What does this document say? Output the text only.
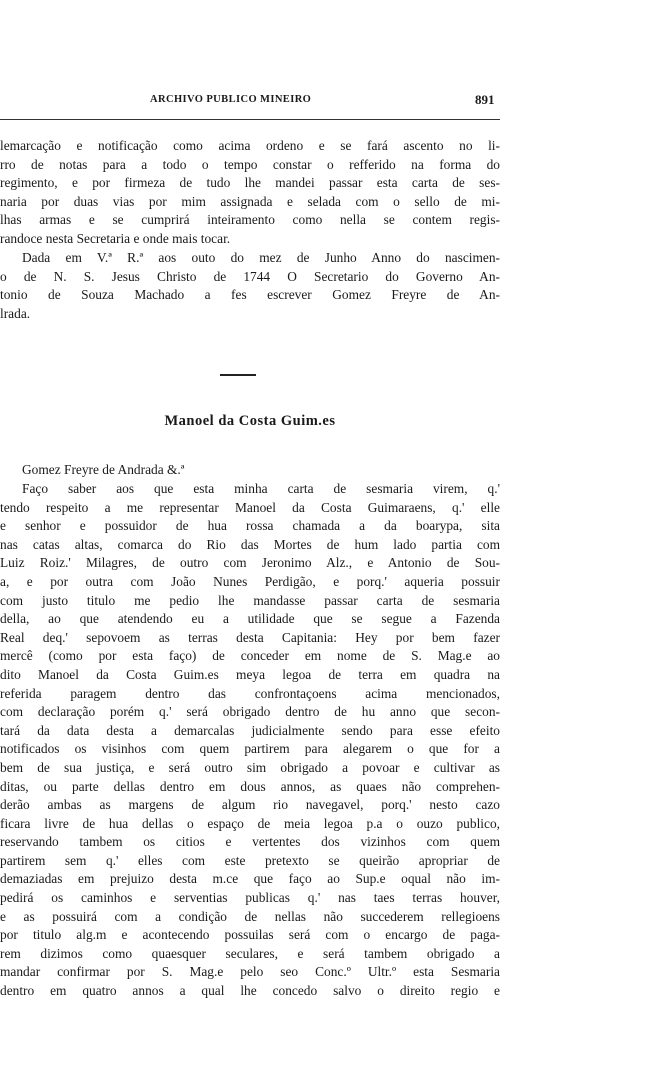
ARCHIVO PUBLICO MINEIRO	891
lemarcação e notificação como acima ordeno e se fará ascento no li-
rro de notas para a todo o tempo constar o refferido na forma do
regimento, e por firmeza de tudo lhe mandei passar esta carta de ses-
naria por duas vias por mim assignada e selada com o sello de mi-
lhas armas e se cumprirá inteiramento como nella se contem regis-
randoce nesta Secretaria e onde mais tocar.
Dada em V.ª R.ª aos outo do mez de Junho Anno do nascimen-
o de N. S. Jesus Christo de 1744 O Secretario do Governo An-
tonio de Souza Machado a fes escrever Gomez Freyre de An-
lrada.
Manoel da Costa Guim.es
Gomez Freyre de Andrada &.ª
Faço saber aos que esta minha carta de sesmaria virem, q.'
tendo respeito a me representar Manoel da Costa Guimaraens, q.' elle
e senhor e possuidor de hua rossa chamada a da boarypa, sita
nas catas altas, comarca do Rio das Mortes de hum lado partia com
Luiz Roiz.' Milagres, de outro com Jeronimo Alz., e Antonio de Sou-
a, e por outra com João Nunes Perdigão, e porq.' aqueria possuir
com justo titulo me pedio lhe mandasse passar carta de sesmaria
della, ao que atendendo eu a utilidade que se segue a Fazenda
Real deq.' sepovoem as terras desta Capitania: Hey por bem fazer
mercê (como por esta faço) de conceder em nome de S. Mag.e ao
dito Manoel da Costa Guim.es meya legoa de terra em quadra na
referida paragem dentro das confrontaçoens acima mencionados,
com declaração porém q.' será obrigado dentro de hu anno que secon-
tará da data desta a demarcalas judicialmente sendo para esse efeito
notificados os visinhos com quem partirem para alegarem o que for a
bem de sua justiça, e será outro sim obrigado a povoar e cultivar as
ditas, ou parte dellas dentro em dous annos, as quaes não comprehen-
derão ambas as margens de algum rio navegavel, porq.' nesto cazo
ficara livre de hua dellas o espaço de meia legoa p.a o ouzo publico,
reservando tambem os citios e vertentes dos vizinhos com quem
partirem sem q.' elles com este pretexto se queirão apropriar de
demaziadas em prejuizo desta m.ce que faço ao Sup.e oqual não im-
pedirá os caminhos e serventias publicas q.' nas taes terras houver,
e as possuirá com a condição de nellas não succederem rellegioens
por titulo alg.m e acontecendo possuilas será com o encargo de paga-
rem dizimos como quaesquer seculares, e será tambem obrigado a
mandar confirmar por S. Mag.e pelo seo Conc.º Ultr.º esta Sesmaria
dentro em quatro annos a qual lhe concedo salvo o direito regio e
